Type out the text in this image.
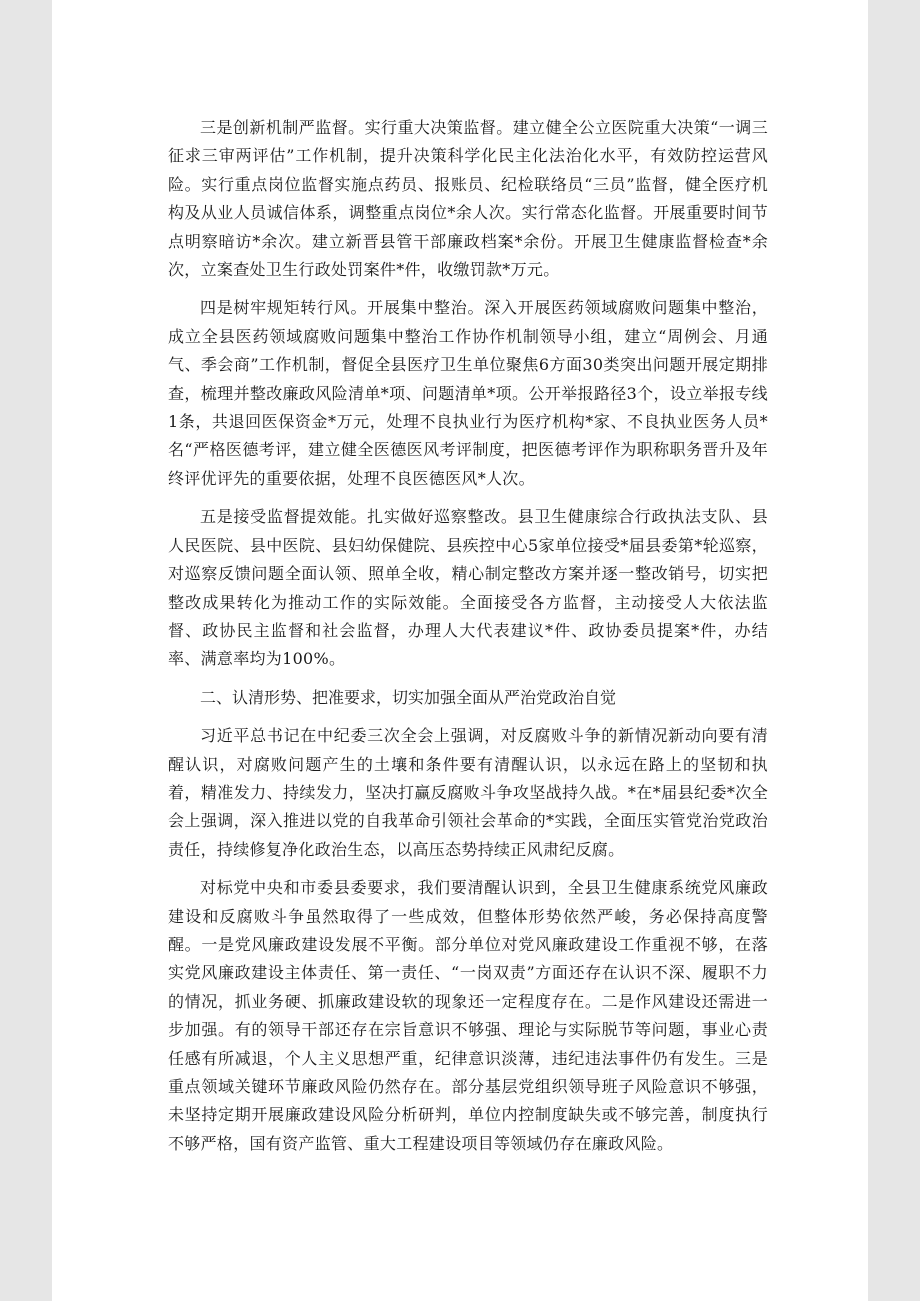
三是创新机制严监督。实行重大决策监督。建立健全公立医院重大决策“一调三征求三审两评估”工作机制，提升决策科学化民主化法治化水平，有效防控运营风险。实行重点岗位监督实施点药员、报账员、纪检联络员“三员”监督，健全医疗机构及从业人员诚信体系，调整重点岗位*余人次。实行常态化监督。开展重要时间节点明察暗访*余次。建立新晋县管干部廉政档案*余份。开展卫生健康监督检查*余次，立案查处卫生行政处罚案件*件，收缴罚款*万元。

四是树牢规矩转行风。开展集中整治。深入开展医药领域腐败问题集中整治，成立全县医药领域腐败问题集中整治工作协作机制领导小组，建立“周例会、月通气、季会商”工作机制，督促全县医疗卫生单位聚焦6方面30类突出问题开展定期排查，梳理并整改廉政风险清单*项、问题清单*项。公开举报路径3个，设立举报专线1条，共退回医保资金*万元，处理不良执业行为医疗机构*家、不良执业医务人员*名“严格医德考评，建立健全医德医风考评制度，把医德考评作为职称职务晋升及年终评优评先的重要依据，处理不良医德医风*人次。

五是接受监督提效能。扎实做好巡察整改。县卫生健康综合行政执法支队、县人民医院、县中医院、县妇幼保健院、县疾控中心5家单位接受*届县委第*轮巡察，对巡察反馈问题全面认领、照单全收，精心制定整改方案并逐一整改销号，切实把整改成果转化为推动工作的实际效能。全面接受各方监督，主动接受人大依法监督、政协民主监督和社会监督，办理人大代表建议*件、政协委员提案*件，办结率、满意率均为100%。

二、认清形势、把准要求，切实加强全面从严治党政治自觉

习近平总书记在中纪委三次全会上强调，对反腐败斗争的新情况新动向要有清醒认识，对腐败问题产生的土壤和条件要有清醒认识，以永远在路上的坚韧和执着，精准发力、持续发力，坚决打赢反腐败斗争攻坚战持久战。*在*届县纪委*次全会上强调，深入推进以党的自我革命引领社会革命的*实践，全面压实管党治党政治责任，持续修复净化政治生态，以高压态势持续正风肃纪反腐。

对标党中央和市委县委要求，我们要清醒认识到，全县卫生健康系统党风廉政建设和反腐败斗争虽然取得了一些成效，但整体形势依然严峻，务必保持高度警醒。一是党风廉政建设发展不平衡。部分单位对党风廉政建设工作重视不够，在落实党风廉政建设主体责任、第一责任、“一岗双责”方面还存在认识不深、履职不力的情况，抓业务硬、抓廉政建设软的现象还一定程度存在。二是作风建设还需进一步加强。有的领导干部还存在宗旨意识不够强、理论与实际脱节等问题，事业心责任感有所减退，个人主义思想严重，纪律意识淡薄，违纪违法事件仍有发生。三是重点领域关键环节廉政风险仍然存在。部分基层党组织领导班子风险意识不够强，未坚持定期开展廉政建设风险分析研判，单位内控制度缺失或不够完善，制度执行不够严格，国有资产监管、重大工程建设项目等领域仍存在廉政风险。
